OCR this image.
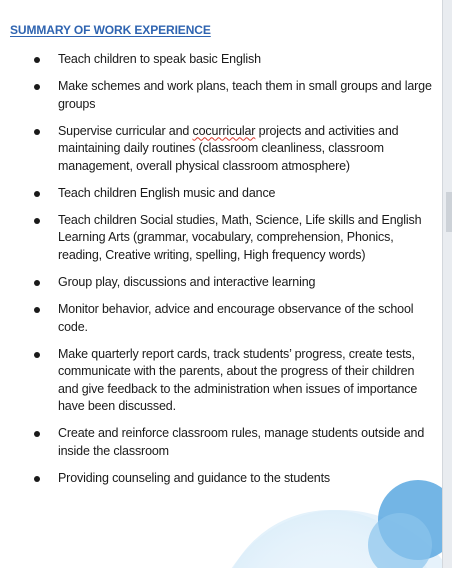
SUMMARY OF WORK EXPERIENCE
Teach children to speak basic English
Make schemes and work plans, teach them in small groups and large groups
Supervise curricular and cocurricular projects and activities and maintaining daily routines (classroom cleanliness, classroom management, overall physical classroom atmosphere)
Teach children English music and dance
Teach children Social studies, Math, Science, Life skills and English Learning Arts (grammar, vocabulary, comprehension, Phonics, reading, Creative writing, spelling, High frequency words)
Group play, discussions and interactive learning
Monitor behavior, advice and encourage observance of the school code.
Make quarterly report cards, track students’ progress, create tests, communicate with the parents, about the progress of their children and give feedback to the administration when issues of importance have been discussed.
Create and reinforce classroom rules, manage students outside and inside the classroom
Providing counseling and guidance to the students
